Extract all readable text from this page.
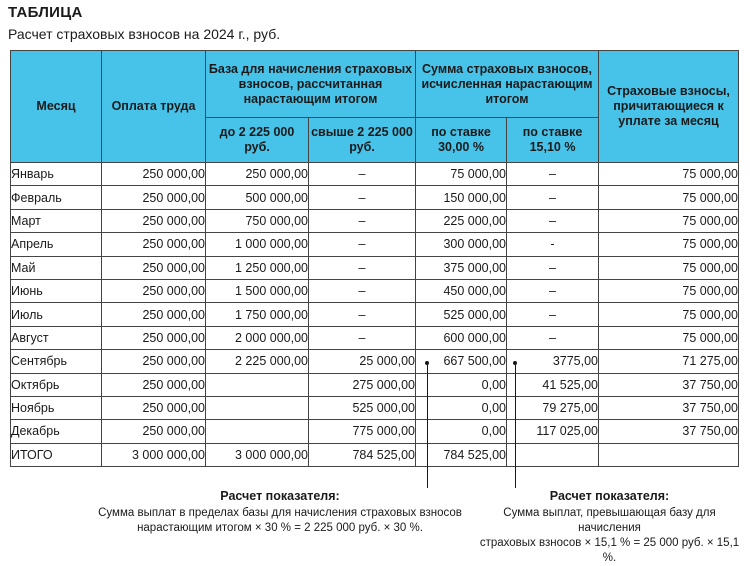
ТАБЛИЦА
Расчет страховых взносов на 2024 г., руб.
Месяц	Оплата труда	База для начисления страховых взносов, рассчитанная нарастающим итогом		Сумма страховых взносов, исчисленная нарастающим итогом		Страховые взносы, причитающиеся к уплате за месяц
		до 2 225 000 руб.	свыше 2 225 000 руб.	по ставке 30,00 %	по ставке 15,10 %	
Январь	250 000,00	250 000,00	–	75 000,00	–	75 000,00
Февраль	250 000,00	500 000,00	–	150 000,00	–	75 000,00
Март	250 000,00	750 000,00	–	225 000,00	–	75 000,00
Апрель	250 000,00	1 000 000,00	–	300 000,00	-	75 000,00
Май	250 000,00	1 250 000,00	–	375 000,00	–	75 000,00
Июнь	250 000,00	1 500 000,00	–	450 000,00	–	75 000,00
Июль	250 000,00	1 750 000,00	–	525 000,00	–	75 000,00
Август	250 000,00	2 000 000,00	–	600 000,00	–	75 000,00
Сентябрь	250 000,00	2 225 000,00	25 000,00	667 500,00	3775,00	71 275,00
Октябрь	250 000,00		275 000,00	0,00	41 525,00	37 750,00
Ноябрь	250 000,00		525 000,00	0,00	79 275,00	37 750,00
Декабрь	250 000,00		775 000,00	0,00	117 025,00	37 750,00
ИТОГО	3 000 000,00	3 000 000,00	784 525,00	784 525,00		
Расчет показателя:
Сумма выплат в пределах базы для начисления страховых взносов
нарастающим итогом × 30 % = 2 225 000 руб. × 30 %.
Расчет показателя:
Сумма выплат, превышающая базу для начисления
страховых взносов × 15,1 % = 25 000 руб. × 15,1 %.
